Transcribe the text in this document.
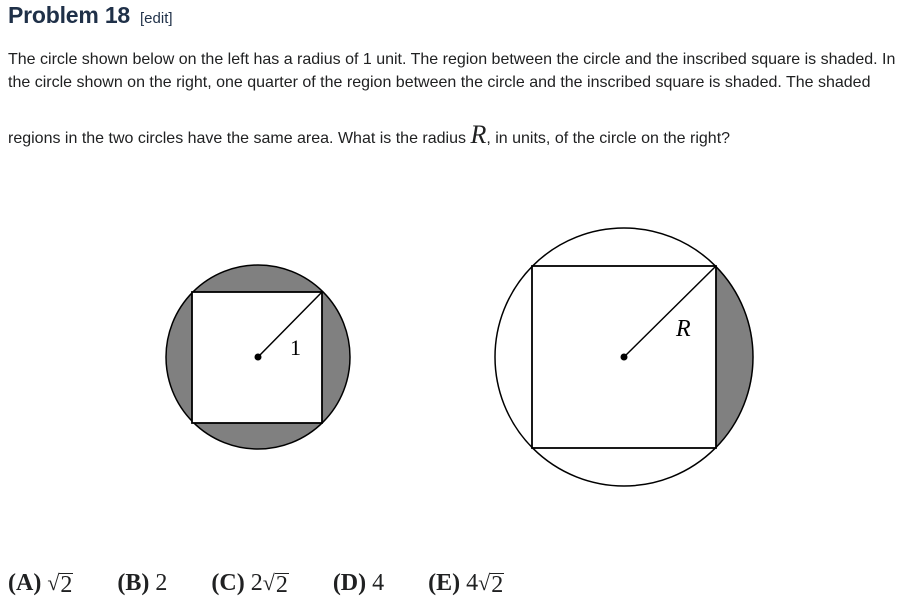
Problem 18 [edit]
The circle shown below on the left has a radius of 1 unit. The region between the circle and the inscribed square is shaded. In
the circle shown on the right, one quarter of the region between the circle and the inscribed square is shaded. The shaded
regions in the two circles have the same area. What is the radius R, in units, of the circle on the right?
1
R
(A) √ 2 (B) 2 (C) 2 √ 2 (D) 4 (E) 4 √ 2
